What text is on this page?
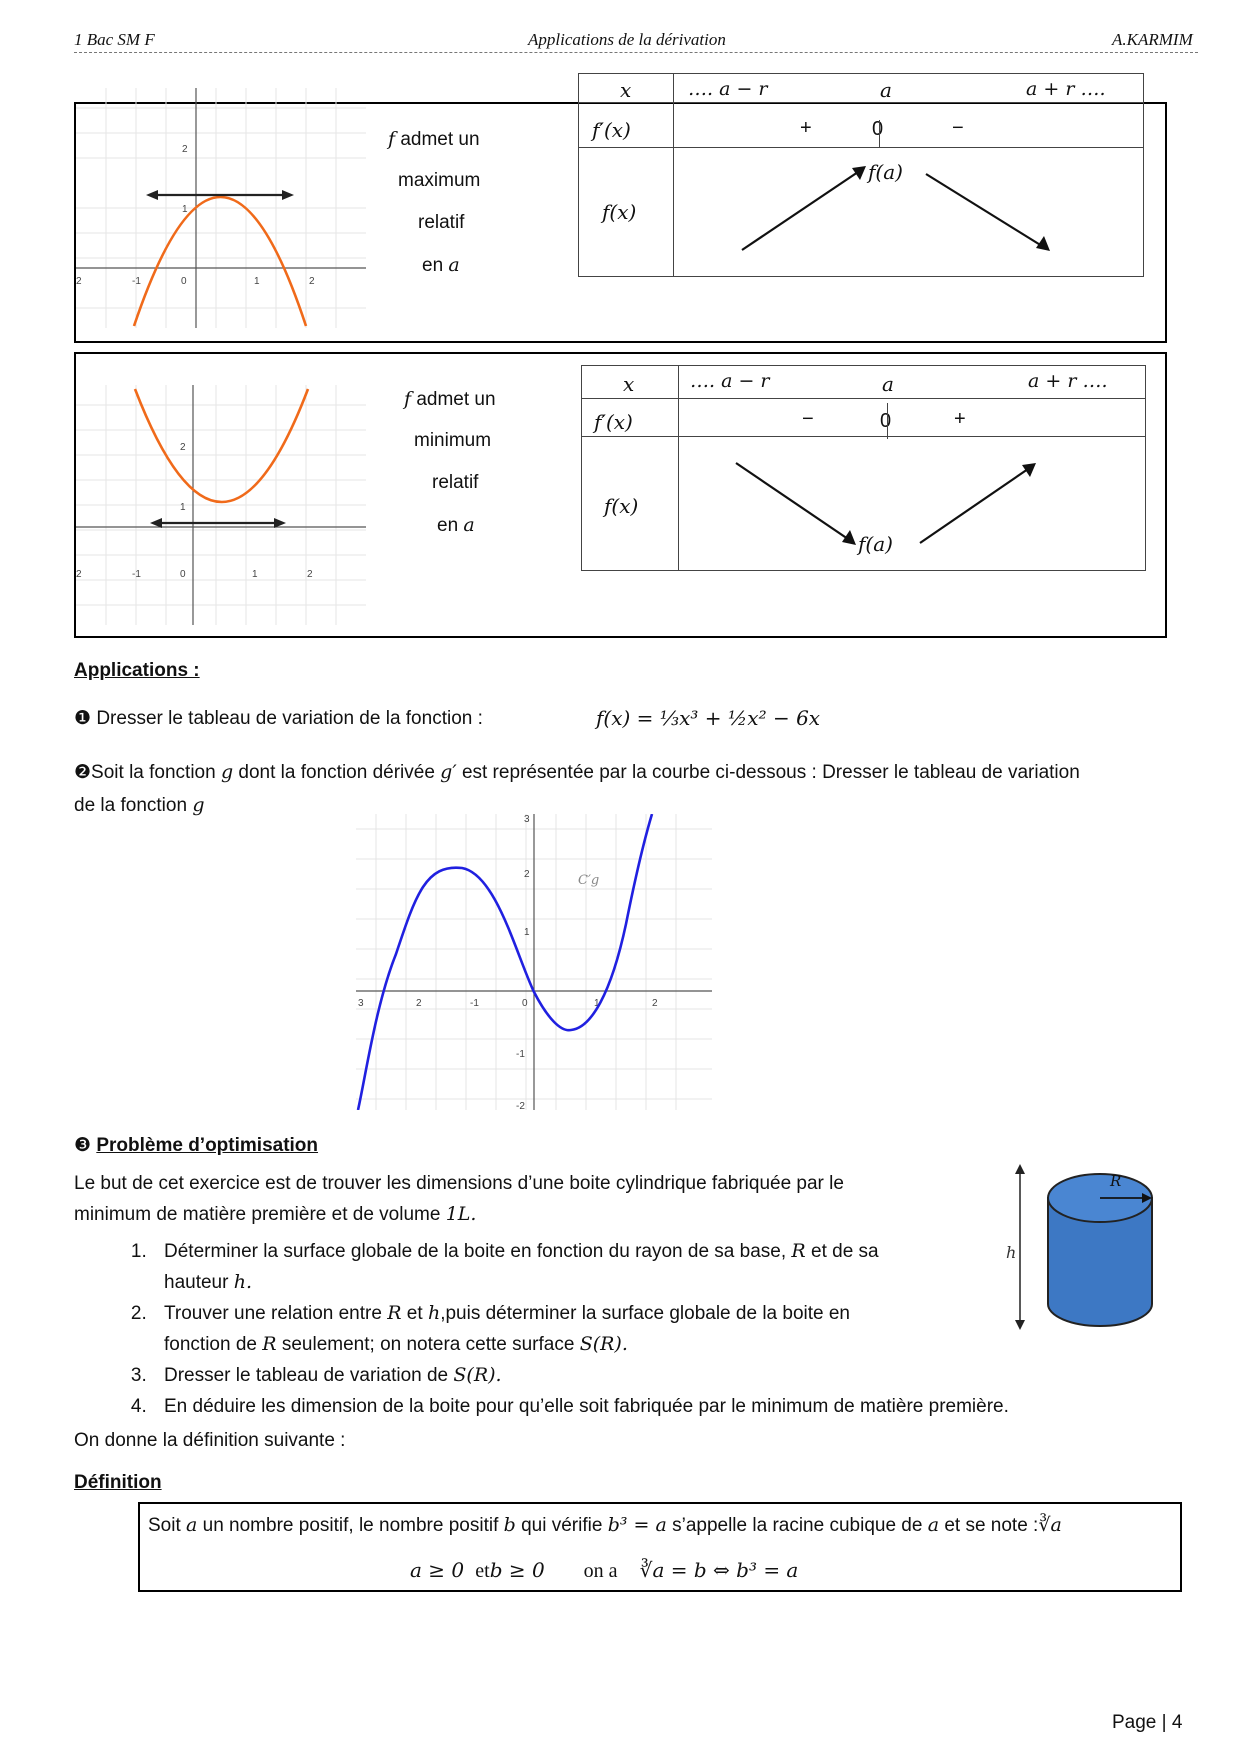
1 Bac SM F	Applications de la dérivation	A.KARMIM
2	-1	0	1	2
2
1
f admet un
maximum
relatif
en a

x	…. a − r	a	a + r ….
f′(x)	+	0	−
f(x)
f(a)
2	-1	0	1	2
2
1
f admet un
minimum
relatif
en a

x	…. a − r	a	a + r ….
f′(x)	−	0	+
f(x)
f(a)
Applications :
❶ Dresser le tableau de variation de la fonction :	f(x) = ⅓x³ + ½x² − 6x
❷Soit la fonction g dont la fonction dérivée g′ est représentée par la courbe ci-dessous : Dresser le tableau de variation
de la fonction g
3	2	-1	0	1	2
3
2
1
-1
-2
C′g
❸ Problème d’optimisation
Le but de cet exercice est de trouver les dimensions d’une boite cylindrique fabriquée par le
minimum de matière première et de volume 1L.
1. Déterminer la surface globale de la boite en fonction du rayon de sa base, R et de sa
hauteur h.
2. Trouver une relation entre R et h,puis déterminer la surface globale de la boite en
fonction de R seulement; on notera cette surface S(R).
3. Dresser le tableau de variation de S(R).
4. En déduire les dimension de la boite pour qu’elle soit fabriquée par le minimum de matière première.
h
R
On donne la définition suivante :
Définition
Soit a un nombre positif, le nombre positif b qui vérifie b³ = a s’appelle la racine cubique de a et se note :∛a
a ≥ 0 etb ≥ 0 on a ∛a = b ⇔ b³ = a
Page | 4
